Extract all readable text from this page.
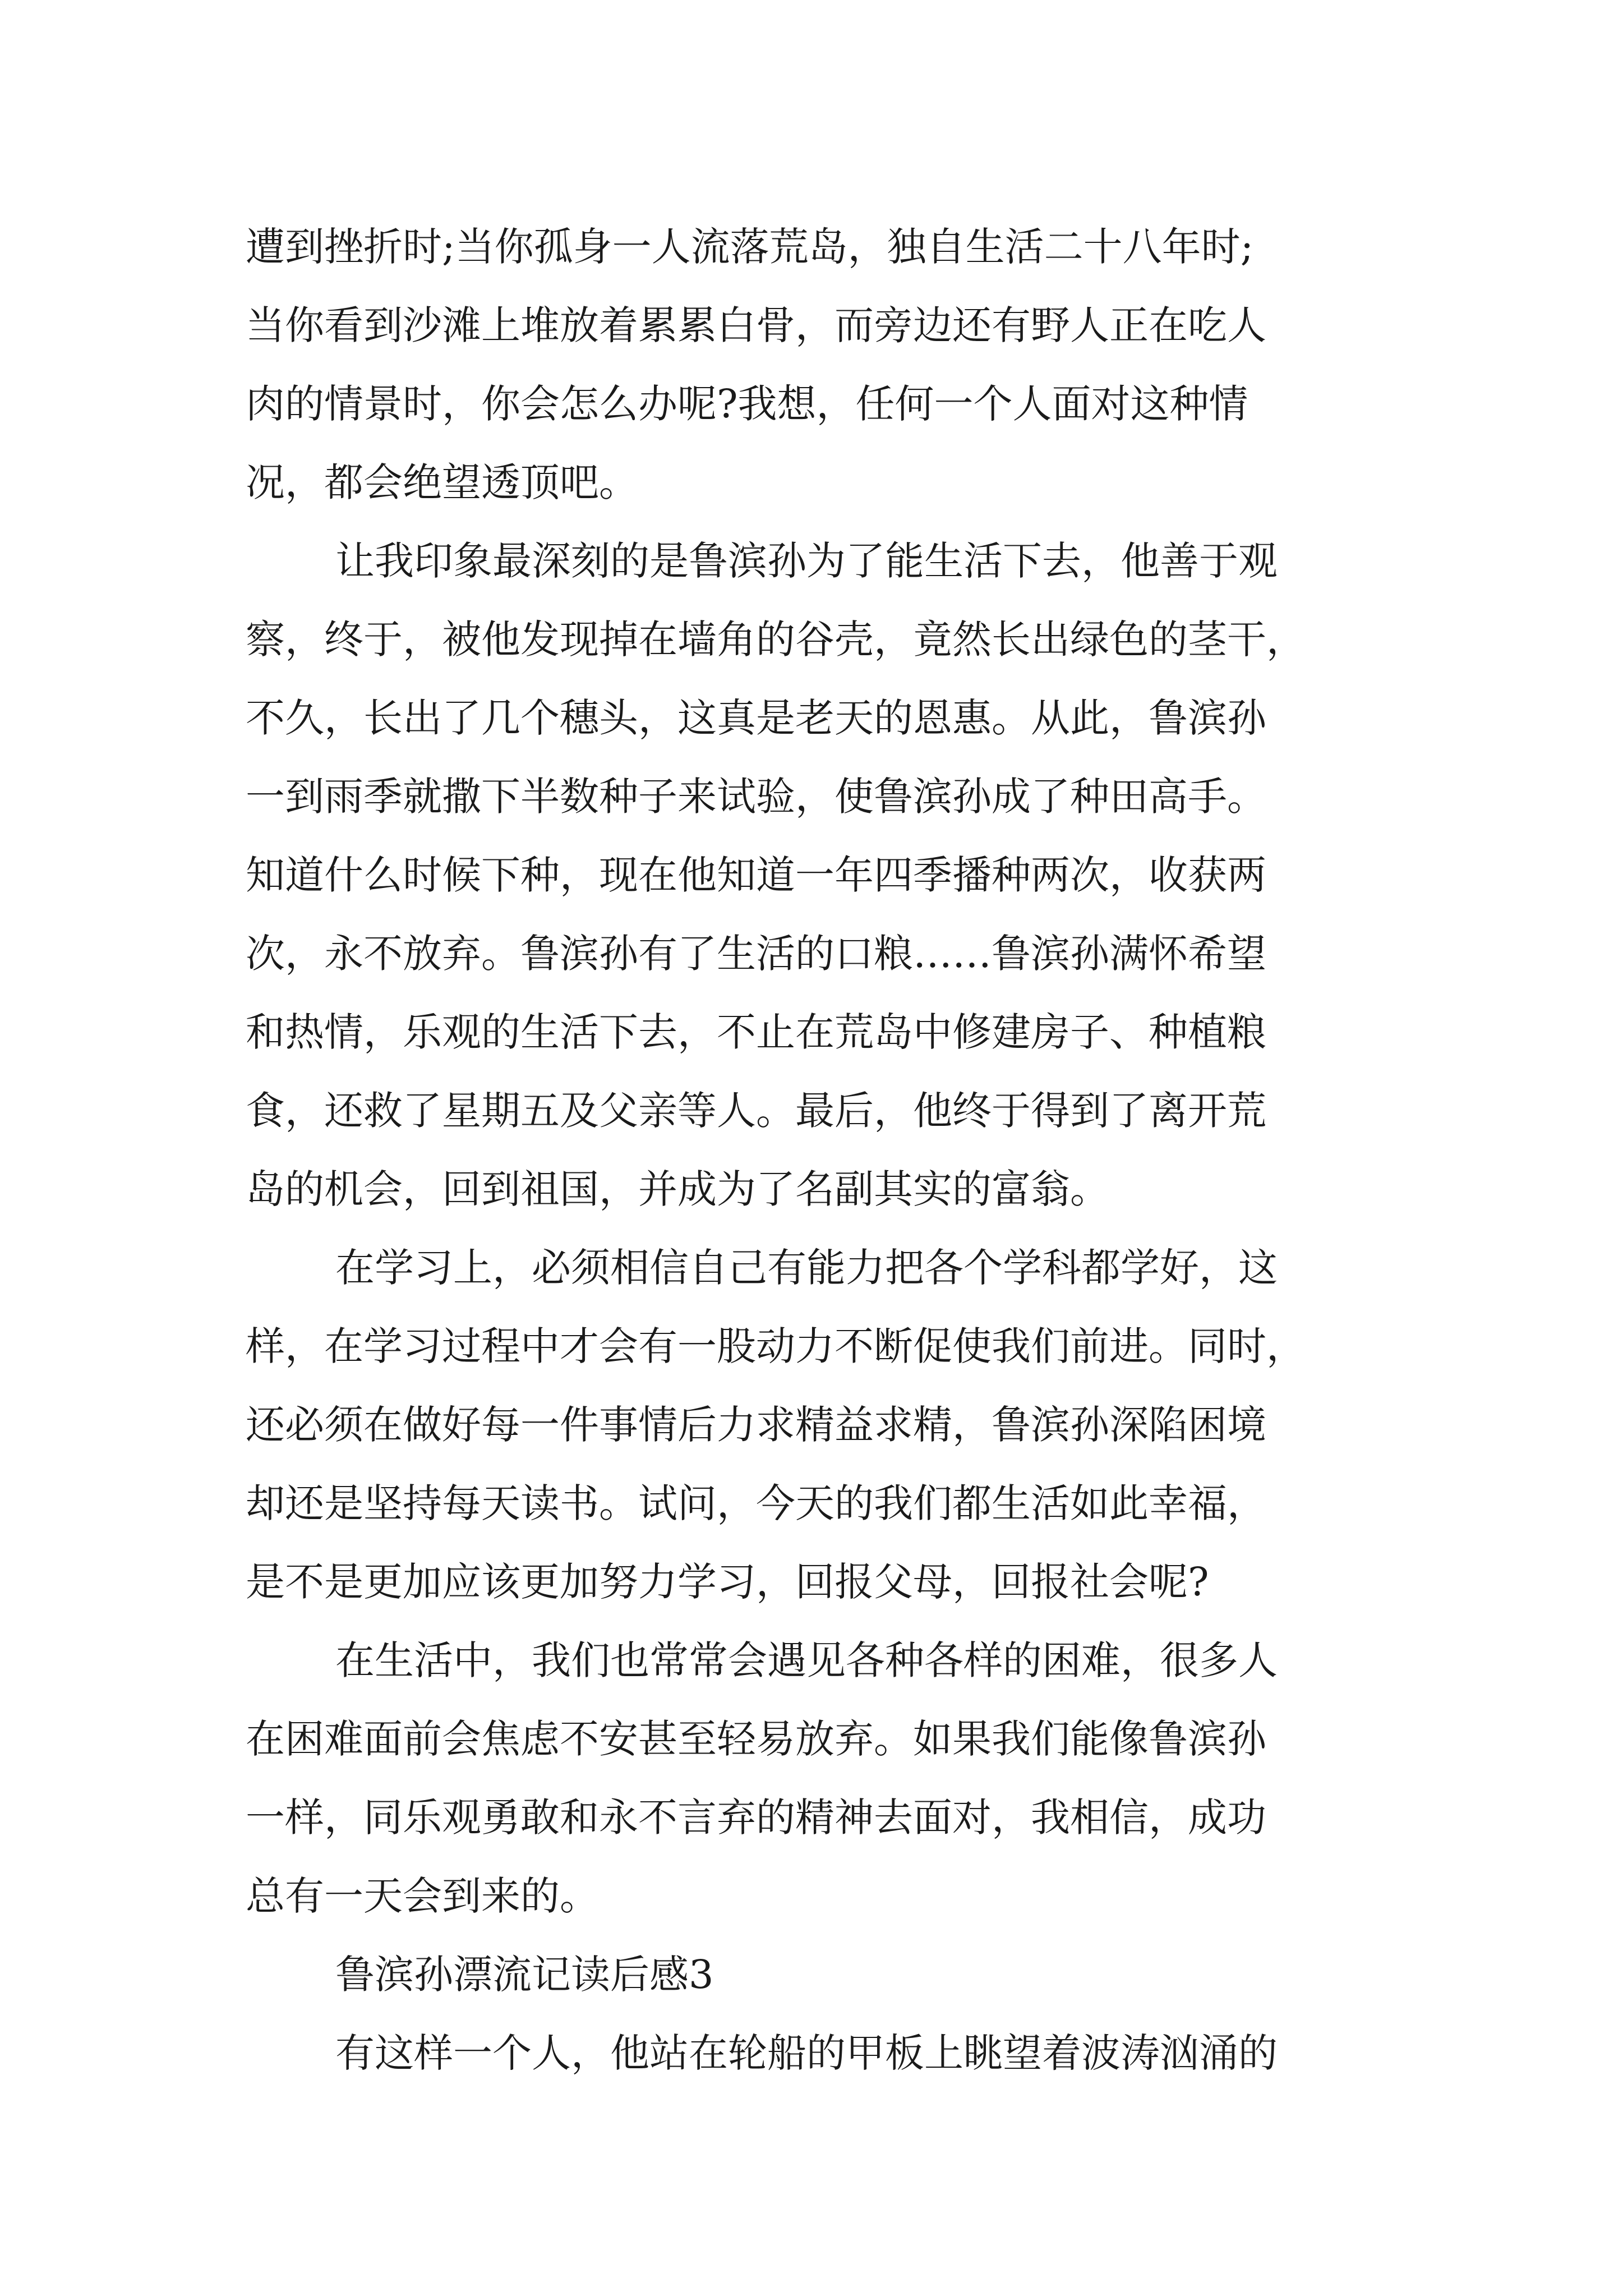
遭到挫折时;当你孤身一人流落荒岛，独自生活二十八年时;
当你看到沙滩上堆放着累累白骨，而旁边还有野人正在吃人
肉的情景时，你会怎么办呢?我想，任何一个人面对这种情
况，都会绝望透顶吧。
让我印象最深刻的是鲁滨孙为了能生活下去，他善于观
察，终于，被他发现掉在墙角的谷壳，竟然长出绿色的茎干，
不久，长出了几个穗头，这真是老天的恩惠。从此，鲁滨孙
一到雨季就撒下半数种子来试验，使鲁滨孙成了种田高手。
知道什么时候下种，现在他知道一年四季播种两次，收获两
次，永不放弃。鲁滨孙有了生活的口粮……鲁滨孙满怀希望
和热情，乐观的生活下去，不止在荒岛中修建房子、种植粮
食，还救了星期五及父亲等人。最后，他终于得到了离开荒
岛的机会，回到祖国，并成为了名副其实的富翁。
在学习上，必须相信自己有能力把各个学科都学好，这
样，在学习过程中才会有一股动力不断促使我们前进。同时，
还必须在做好每一件事情后力求精益求精，鲁滨孙深陷困境
却还是坚持每天读书。试问，今天的我们都生活如此幸福，
是不是更加应该更加努力学习，回报父母，回报社会呢?
在生活中，我们也常常会遇见各种各样的困难，很多人
在困难面前会焦虑不安甚至轻易放弃。如果我们能像鲁滨孙
一样，同乐观勇敢和永不言弃的精神去面对，我相信，成功
总有一天会到来的。
鲁滨孙漂流记读后感3
有这样一个人，他站在轮船的甲板上眺望着波涛汹涌的
